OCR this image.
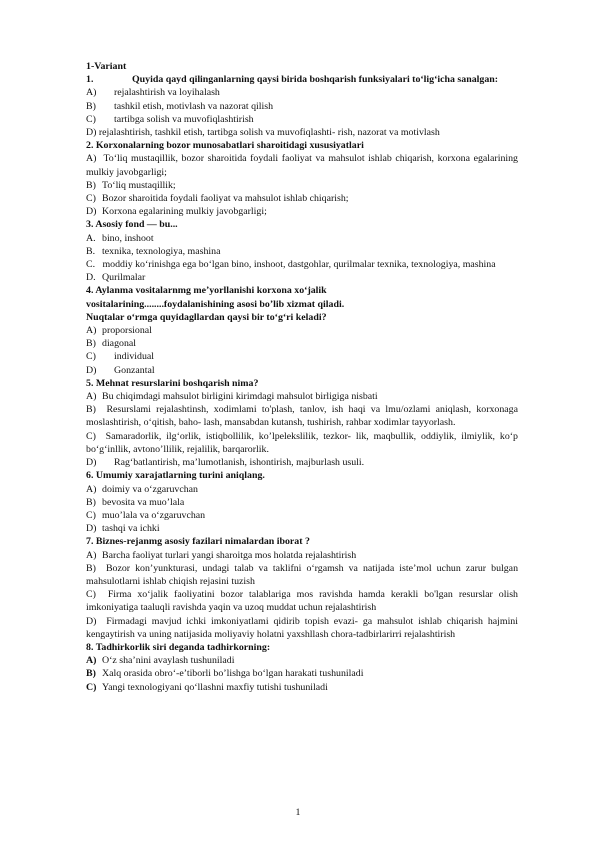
1-Variant
1.	Quyida qayd qilinganlarning qaysi birida boshqarish funksiyalari to‘lig‘icha sanalgan:
A)	rejalashtirish va loyihalash
B)	tashkil etish, motivlash va nazorat qilish
C)	tartibga solish va muvofiqlashtirish
D) rejalashtirish, tashkil etish, tartibga solish va muvofiqlashti- rish, nazorat va motivlash
2. Korxonalarning bozor munosabatlari sharoitidagi xususiyatlari
A) To‘liq mustaqillik, bozor sharoitida foydali faoliyat va mahsulot ishlab chiqarish, korxona egalarining mulkiy javobgarligi;
B) To‘liq mustaqillik;
C) Bozor sharoitida foydali faoliyat va mahsulot ishlab chiqarish;
D) Korxona egalarining mulkiy javobgarligi;
3. Asosiy fond — bu...
A. bino, inshoot
B. texnika, texnologiya, mashina
C. moddiy ko‘rinishga ega bo‘lgan bino, inshoot, dastgohlar, qurilmalar texnika, texnologiya, mashina
D. Qurilmalar
4. Aylanma vositalarnmg me’yorllanishi korxona xo‘jalik
vositalarining........foydalanishining asosi bo’lib xizmat qiladi.
Nuqtalar o‘rmga quyidagllardan qaysi bir to‘g‘ri keladi?
A) proporsional
B) diagonal
C)	individual
D)	Gonzantal
5. Mehnat resurslarini boshqarish nima?
A) Bu chiqimdagi mahsulot birligini kirimdagi mahsulot birligiga nisbati
B) Resurslami rejalashtinsh, xodimlami to'plash, tanlov, ish haqi va lmu/ozlami aniqlash, korxonaga moslashtirish, o‘qitish, baho- lash, mansabdan kutansh, tushirish, rahbar xodimlar tayyorlash.
C) Samaradorlik, ilg‘orlik, istiqbollilik, ko’lpelekslilik, tezkor- lik, maqbullik, oddiylik, ilmiylik, ko‘p bo‘g‘inllik, avtono’llilik, rejalilik, barqarorlik.
D)	Rag‘batlantirish, ma’lumotlanish, ishontirish, majburlash usuli.
6. Umumiy xarajatlarning turini aniqlang.
A) doimiy va o‘zgaruvchan
B) bevosita va muo’lala
C) muo’lala va o‘zgaruvchan
D) tashqi va ichki
7. Biznes-rejanmg asosiy fazilari nimalardan iborat ?
A) Barcha faoliyat turlari yangi sharoitga mos holatda rejalashtirish
B) Bozor kon’yunkturasi, undagi talab va taklifni o‘rgamsh va natijada iste’mol uchun zarur bulgan mahsulotlarni ishlab chiqish rejasini tuzish
C) Firma xo‘jalik faoliyatini bozor talablariga mos ravishda hamda kerakli bo'lgan resurslar olish imkoniyatiga taaluqli ravishda yaqin va uzoq muddat uchun rejalashtirish
D) Firmadagi mavjud ichki imkoniyatlami qidirib topish evazi- ga mahsulot ishlab chiqarish hajmini kengaytirish va uning natijasida moliyaviy holatni yaxshllash chora-tadbirlarirri rejalashtirish
8. Tadhirkorlik siri deganda tadhirkorning:
A) O‘z sha’nini avaylash tushuniladi
B) Xalq orasida obro‘-e’tiborli bo’lishga bo‘lgan harakati tushuniladi
C) Yangi texnologiyani qo‘llashni maxfiy tutishi tushuniladi
1
